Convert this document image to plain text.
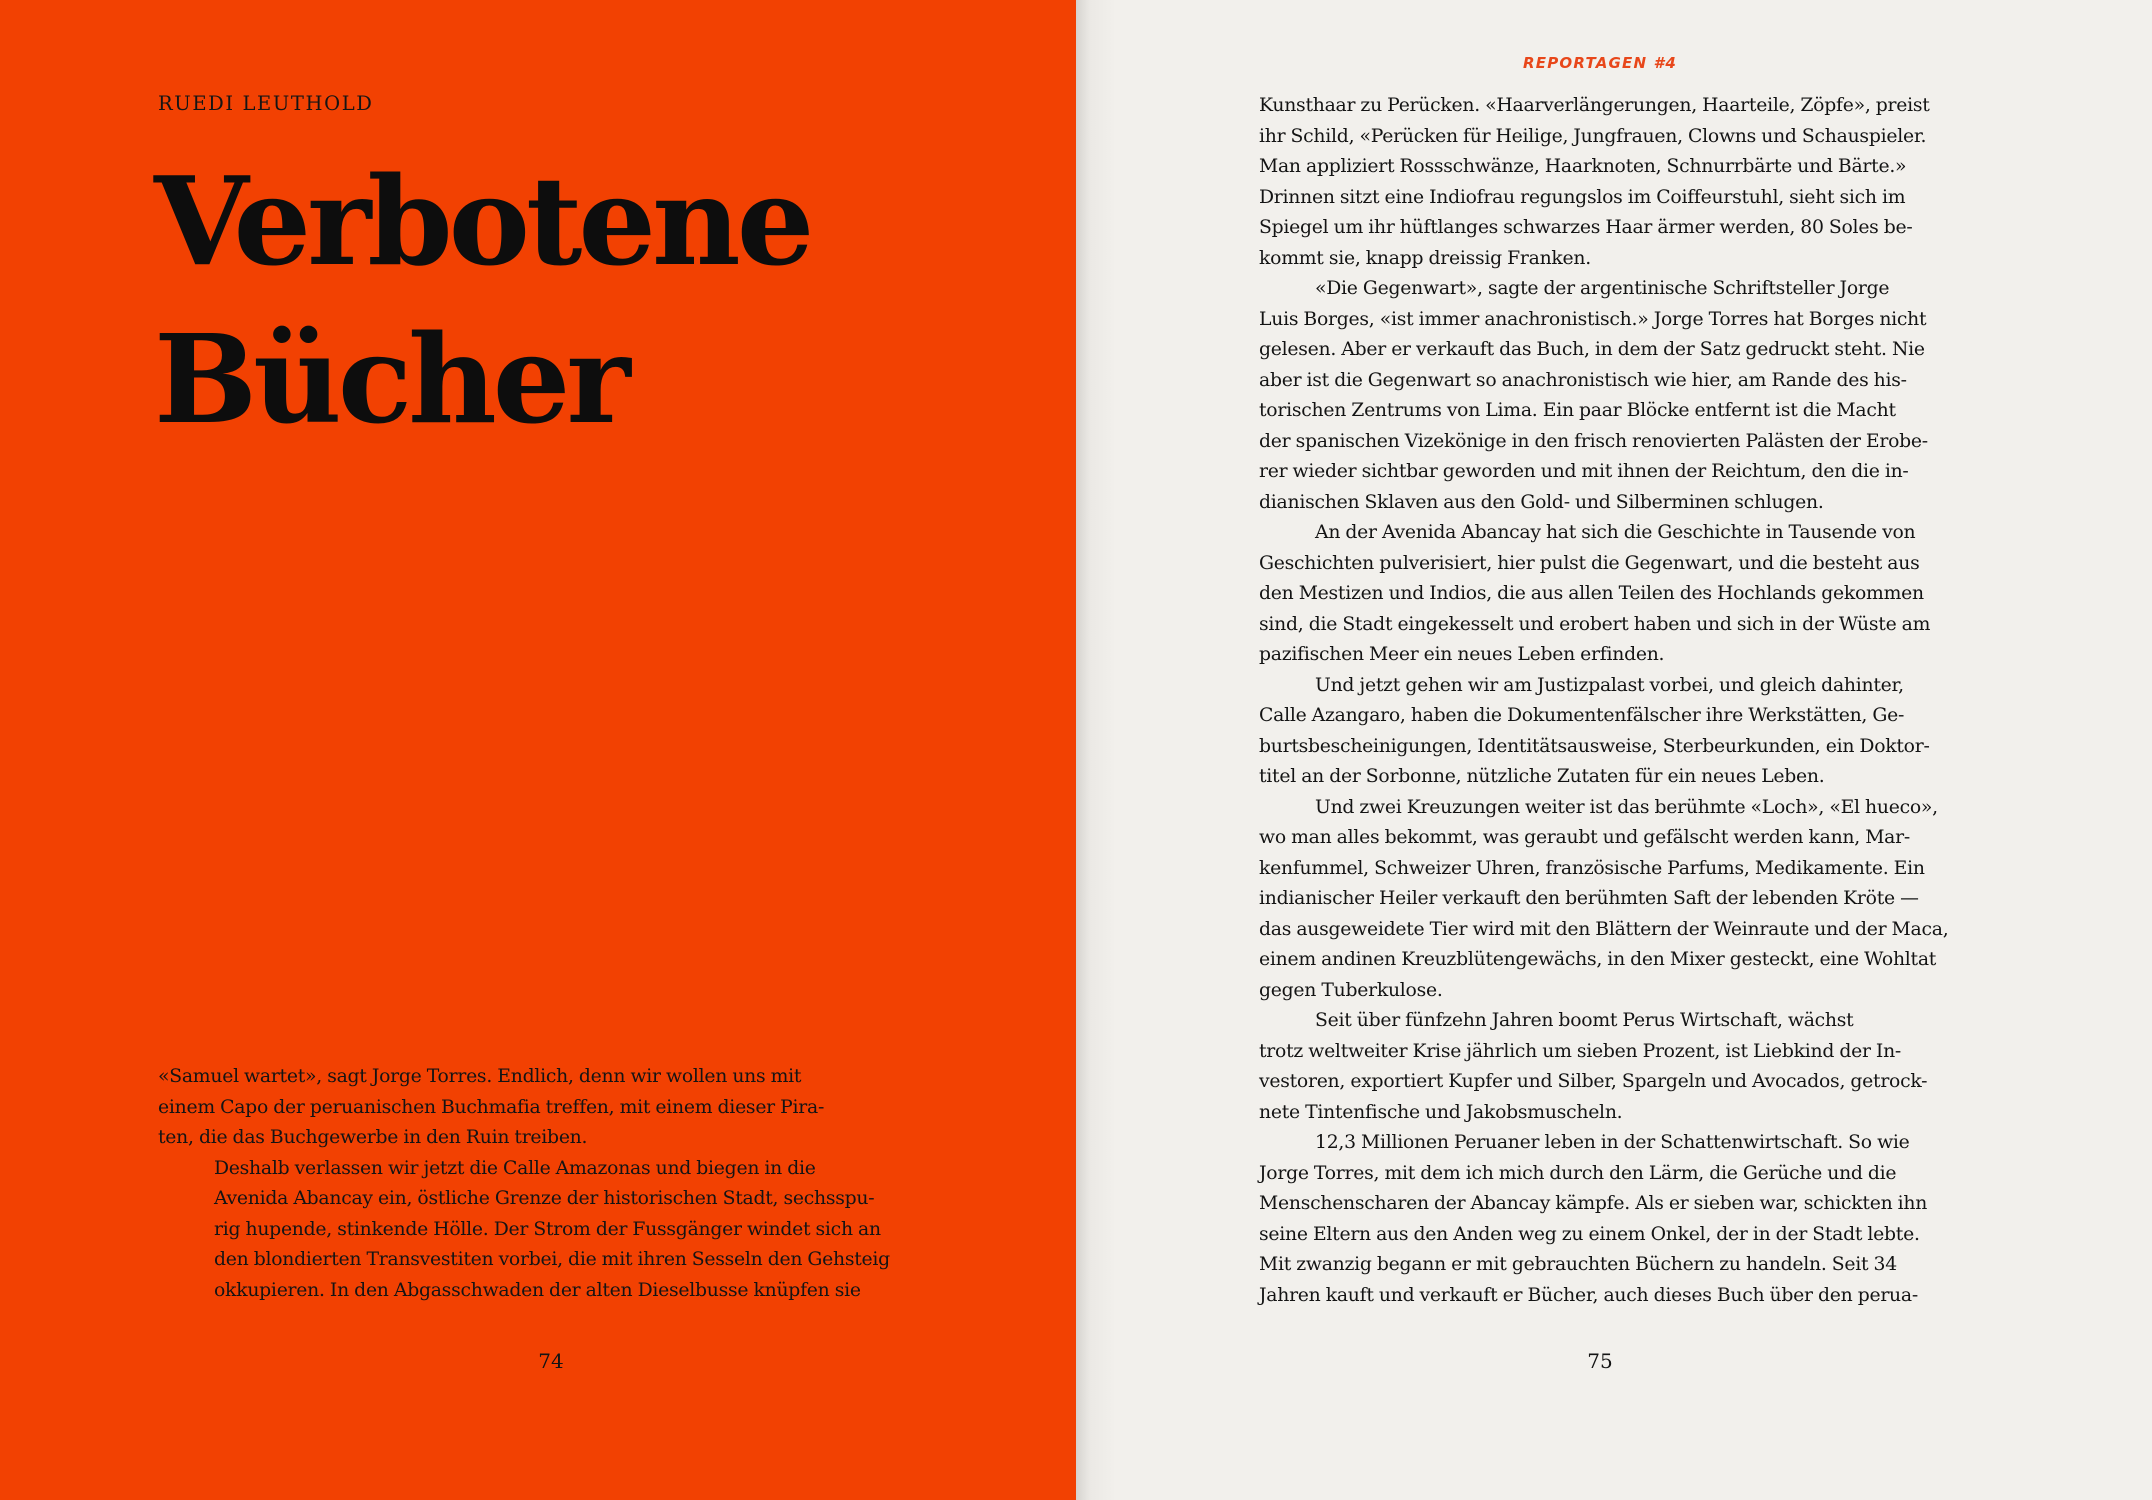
RUEDI LEUTHOLD
Verbotene
Bücher
«Samuel wartet», sagt Jorge Torres. Endlich, denn wir wollen uns mit
einem Capo der peruanischen Buchmafia treffen, mit einem dieser Pira-
ten, die das Buchgewerbe in den Ruin treiben.
Deshalb verlassen wir jetzt die Calle Amazonas und biegen in die
Avenida Abancay ein, östliche Grenze der historischen Stadt, sechsspu-
rig hupende, stinkende Hölle. Der Strom der Fussgänger windet sich an
den blondierten Transvestiten vorbei, die mit ihren Sesseln den Gehsteig
okkupieren. In den Abgasschwaden der alten Dieselbusse knüpfen sie
74
REPORTAGEN #4
Kunsthaar zu Perücken. «Haarverlängerungen, Haarteile, Zöpfe», preist
ihr Schild, «Perücken für Heilige, Jungfrauen, Clowns und Schauspieler.
Man appliziert Rossschwänze, Haarknoten, Schnurrbärte und Bärte.»
Drinnen sitzt eine Indiofrau regungslos im Coiffeurstuhl, sieht sich im
Spiegel um ihr hüftlanges schwarzes Haar ärmer werden, 80 Soles be-
kommt sie, knapp dreissig Franken.
«Die Gegenwart», sagte der argentinische Schriftsteller Jorge
Luis Borges, «ist immer anachronistisch.» Jorge Torres hat Borges nicht
gelesen. Aber er verkauft das Buch, in dem der Satz gedruckt steht. Nie
aber ist die Gegenwart so anachronistisch wie hier, am Rande des his-
torischen Zentrums von Lima. Ein paar Blöcke entfernt ist die Macht
der spanischen Vizekönige in den frisch renovierten Palästen der Erobe-
rer wieder sichtbar geworden und mit ihnen der Reichtum, den die in-
dianischen Sklaven aus den Gold- und Silberminen schlugen.
An der Avenida Abancay hat sich die Geschichte in Tausende von
Geschichten pulverisiert, hier pulst die Gegenwart, und die besteht aus
den Mestizen und Indios, die aus allen Teilen des Hochlands gekommen
sind, die Stadt eingekesselt und erobert haben und sich in der Wüste am
pazifischen Meer ein neues Leben erfinden.
Und jetzt gehen wir am Justizpalast vorbei, und gleich dahinter,
Calle Azangaro, haben die Dokumentenfälscher ihre Werkstätten, Ge-
burtsbescheinigungen, Identitätsausweise, Sterbeurkunden, ein Doktor-
titel an der Sorbonne, nützliche Zutaten für ein neues Leben.
Und zwei Kreuzungen weiter ist das berühmte «Loch», «El hueco»,
wo man alles bekommt, was geraubt und gefälscht werden kann, Mar-
kenfummel, Schweizer Uhren, französische Parfums, Medikamente. Ein
indianischer Heiler verkauft den berühmten Saft der lebenden Kröte —
das ausgeweidete Tier wird mit den Blättern der Weinraute und der Maca,
einem andinen Kreuzblütengewächs, in den Mixer gesteckt, eine Wohltat
gegen Tuberkulose.
Seit über fünfzehn Jahren boomt Perus Wirtschaft, wächst
trotz weltweiter Krise jährlich um sieben Prozent, ist Liebkind der In-
vestoren, exportiert Kupfer und Silber, Spargeln und Avocados, getrock-
nete Tintenfische und Jakobsmuscheln.
12,3 Millionen Peruaner leben in der Schattenwirtschaft. So wie
Jorge Torres, mit dem ich mich durch den Lärm, die Gerüche und die
Menschenscharen der Abancay kämpfe. Als er sieben war, schickten ihn
seine Eltern aus den Anden weg zu einem Onkel, der in der Stadt lebte.
Mit zwanzig begann er mit gebrauchten Büchern zu handeln. Seit 34
Jahren kauft und verkauft er Bücher, auch dieses Buch über den perua-
75
